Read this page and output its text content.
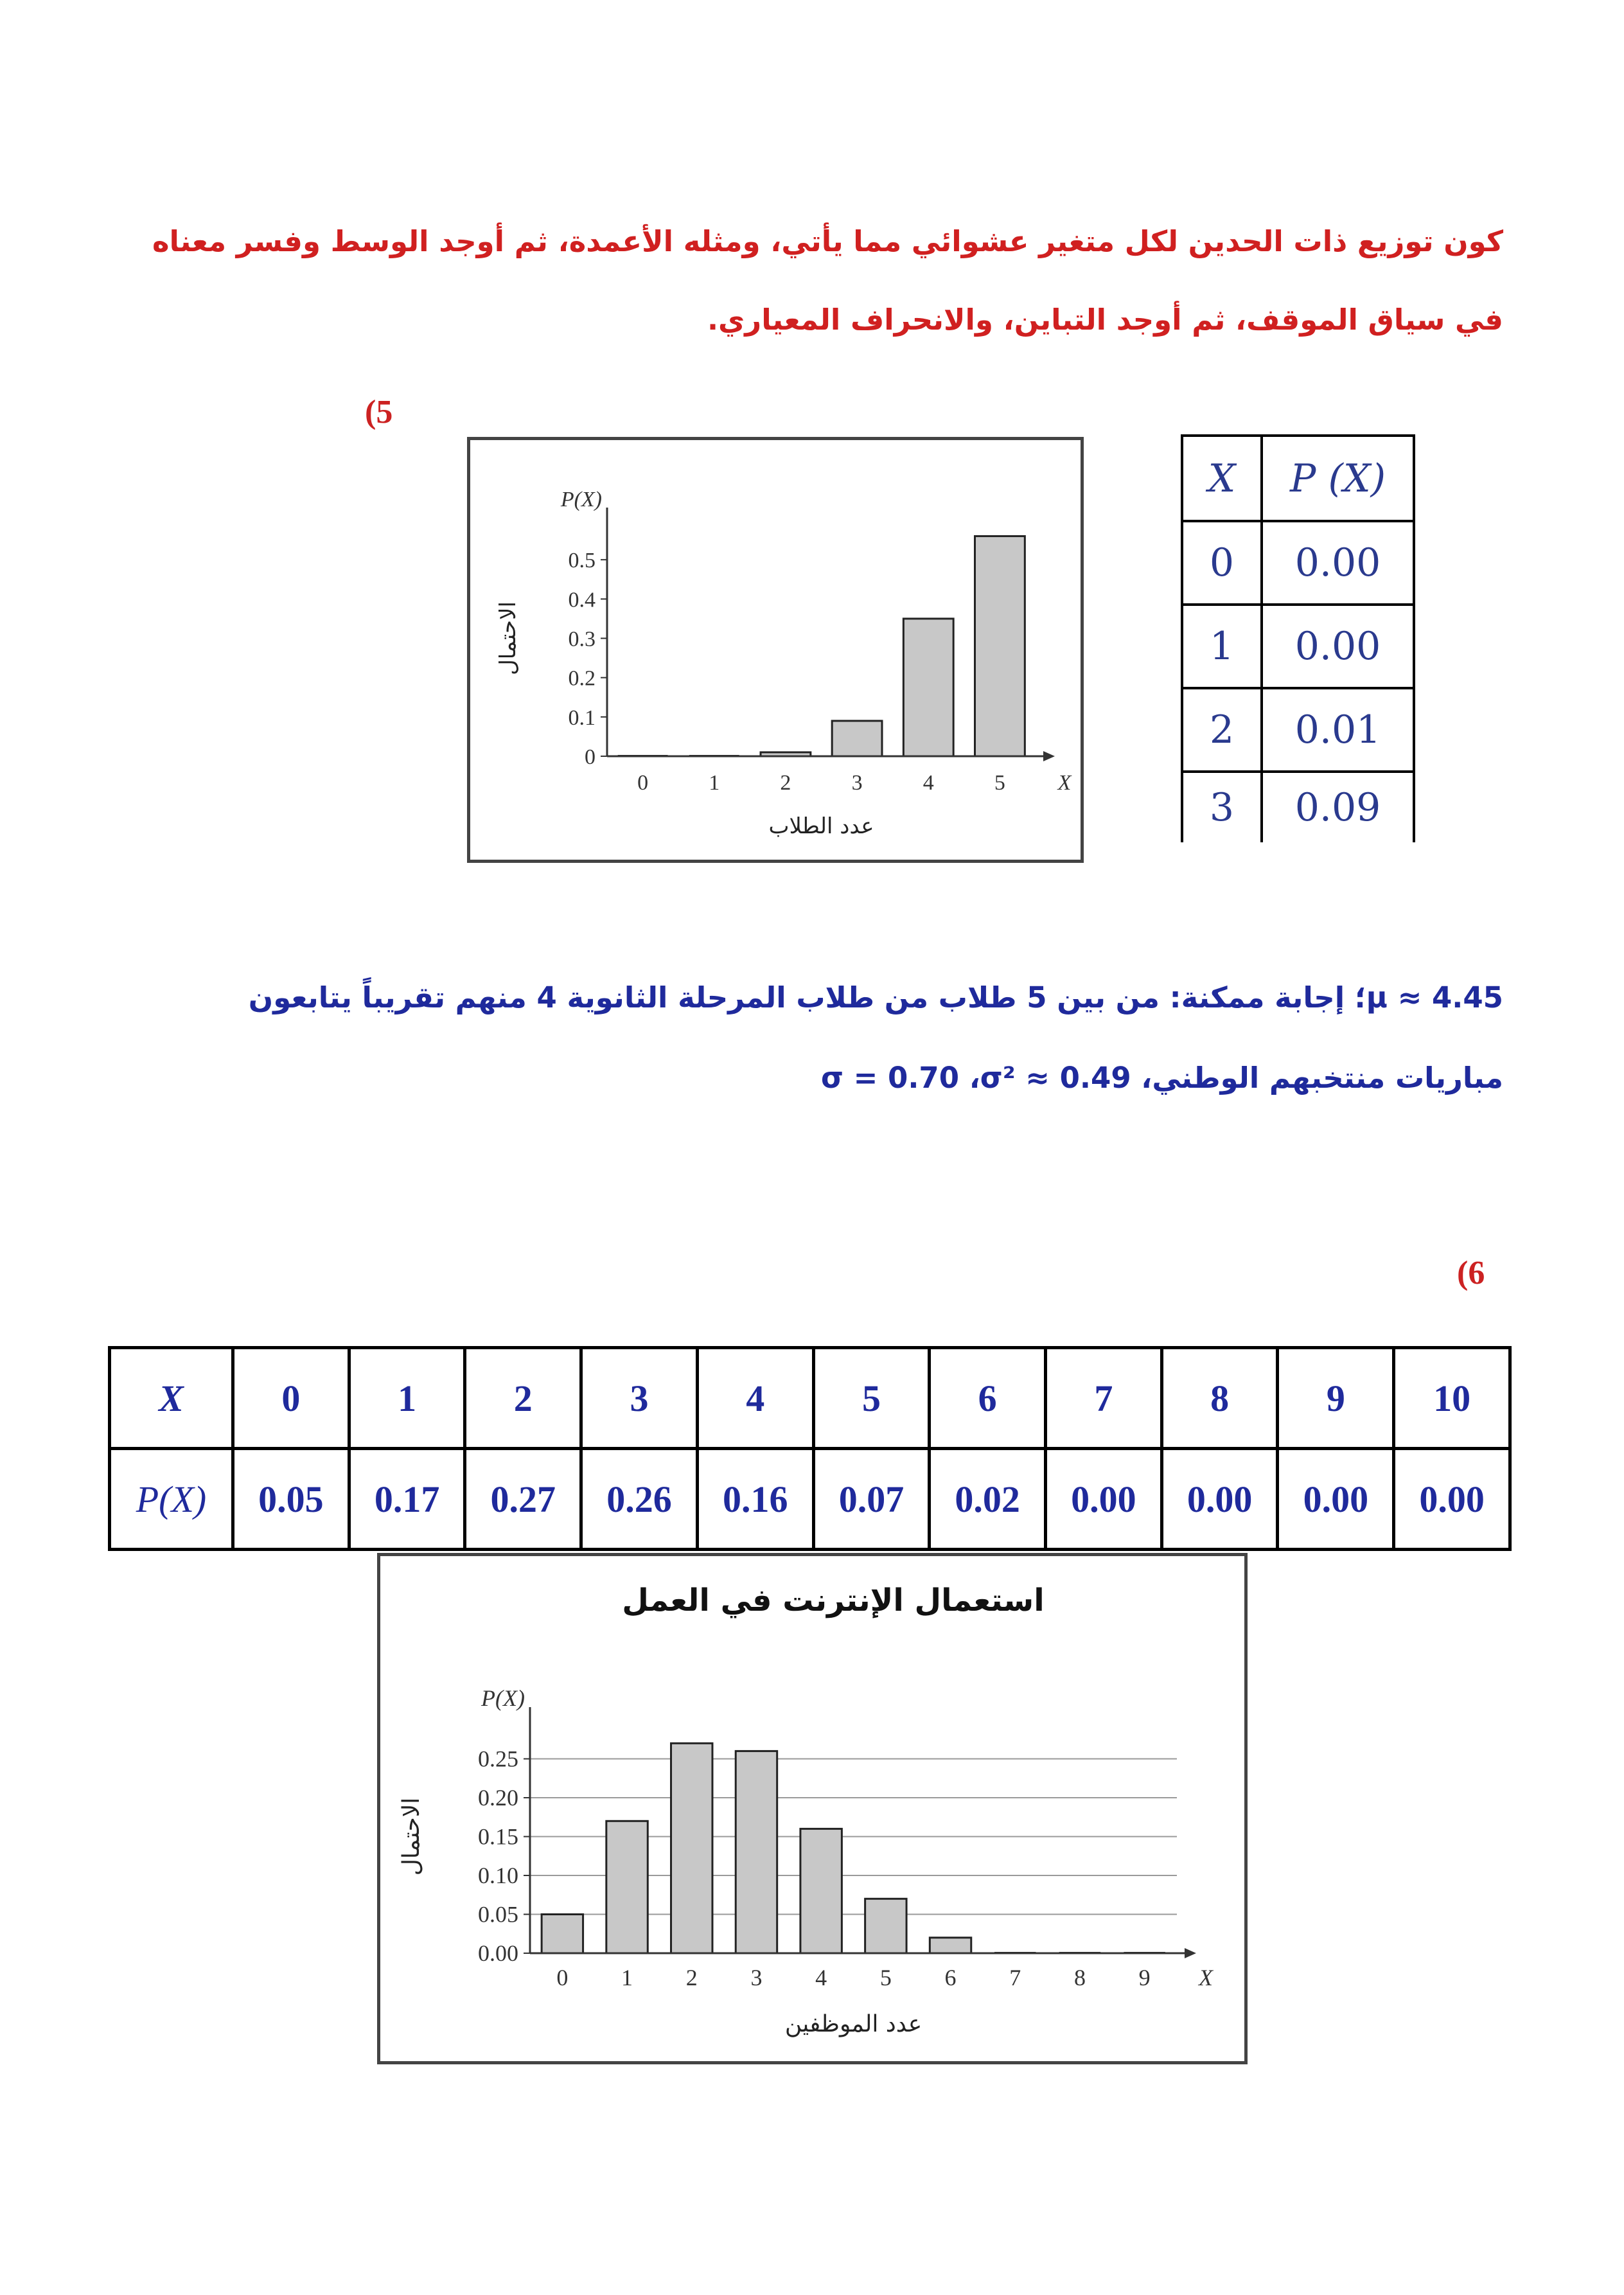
كون توزيع ذات الحدين لكل متغير عشوائي مما يأتي، ومثله الأعمدة، ثم أوجد الوسط وفسر معناه

في سياق الموقف، ثم أوجد التباين، والانحراف المعياري.

(5
0
0.1
0.2
0.3
0.4
0.5
0	1	2	3	4	5
P(X)
X
عدد الطلاب
الاحتمال
X	P (X)
0	0.00
1	0.00
2	0.01
3	0.09

4.45 ≈ μ؛ إجابة ممكنة: من بين 5 طلاب من طلاب المرحلة الثانوية 4 منهم تقريباً يتابعون

مباريات منتخبهم الوطني، σ = 0.70 ،σ² ≈ 0.49

(6
X	0	1	2	3	4	5	6	7	8	9	10
P(X)	0.05	0.17	0.27	0.26	0.16	0.07	0.02	0.00	0.00	0.00	0.00
استعمال الإنترنت في العمل
0.00
0.05
0.10
0.15
0.20
0.25
0 1 2 3 4 5 6 7 8 9
P(X)
X
عدد الموظفين
الاحتمال
